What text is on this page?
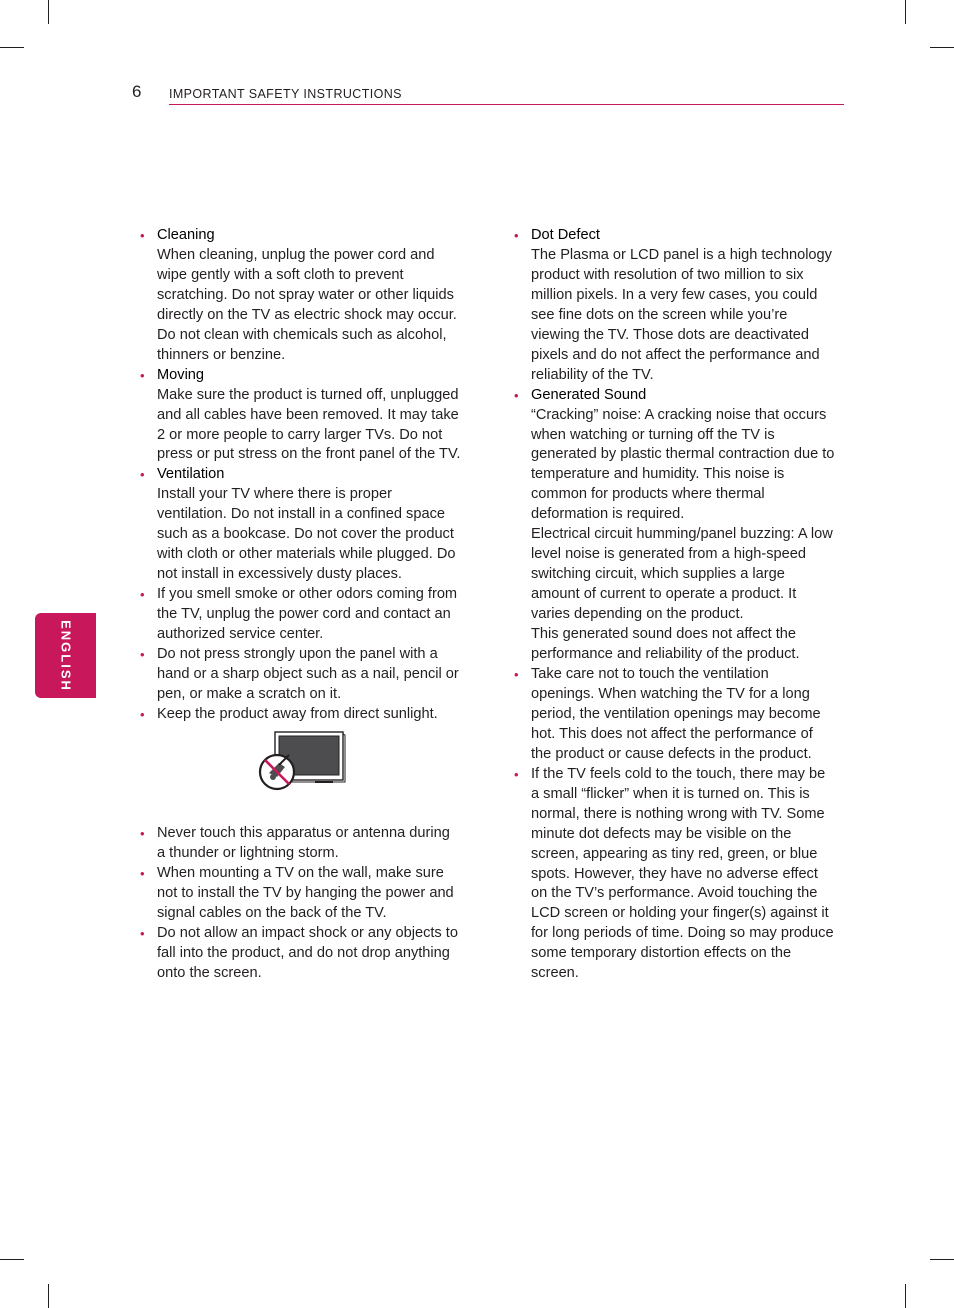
6 IMPORTANT SAFETY INSTRUCTIONS
ENGLISH
• Cleaning
When cleaning, unplug the power cord and wipe gently with a soft cloth to prevent scratching. Do not spray water or other liquids directly on the TV as electric shock may occur. Do not clean with chemicals such as alcohol, thinners or benzine.
• Moving
Make sure the product is turned off, unplugged and all cables have been removed. It may take 2 or more people to carry larger TVs. Do not press or put stress on the front panel of the TV.
• Ventilation
Install your TV where there is proper ventilation. Do not install in a confined space such as a bookcase. Do not cover the product with cloth or other materials while plugged. Do not install in excessively dusty places.
• If you smell smoke or other odors coming from the TV, unplug the power cord and contact an authorized service center.
• Do not press strongly upon the panel with a hand or a sharp object such as a nail, pencil or pen, or make a scratch on it.
• Keep the product away from direct sunlight.
• Never touch this apparatus or antenna during a thunder or lightning storm.
• When mounting a TV on the wall, make sure not to install the TV by hanging the power and signal cables on the back of the TV.
• Do not allow an impact shock or any objects to fall into the product, and do not drop anything onto the screen.
• Dot Defect
The Plasma or LCD panel is a high technology product with resolution of two million to six million pixels. In a very few cases, you could see fine dots on the screen while you’re viewing the TV. Those dots are deactivated pixels and do not affect the performance and reliability of the TV.
• Generated Sound
“Cracking” noise: A cracking noise that occurs when watching or turning off the TV is generated by plastic thermal contraction due to temperature and humidity. This noise is common for products where thermal deformation is required.
Electrical circuit humming/panel buzzing: A low level noise is generated from a high-speed switching circuit, which supplies a large amount of current to operate a product. It varies depending on the product.
This generated sound does not affect the performance and reliability of the product.
• Take care not to touch the ventilation openings. When watching the TV for a long period, the ventilation openings may become hot. This does not affect the performance of the product or cause defects in the product.
• If the TV feels cold to the touch, there may be a small “flicker” when it is turned on. This is normal, there is nothing wrong with TV. Some minute dot defects may be visible on the screen, appearing as tiny red, green, or blue spots. However, they have no adverse effect on the TV’s performance. Avoid touching the LCD screen or holding your finger(s) against it for long periods of time. Doing so may produce some temporary distortion effects on the screen.
